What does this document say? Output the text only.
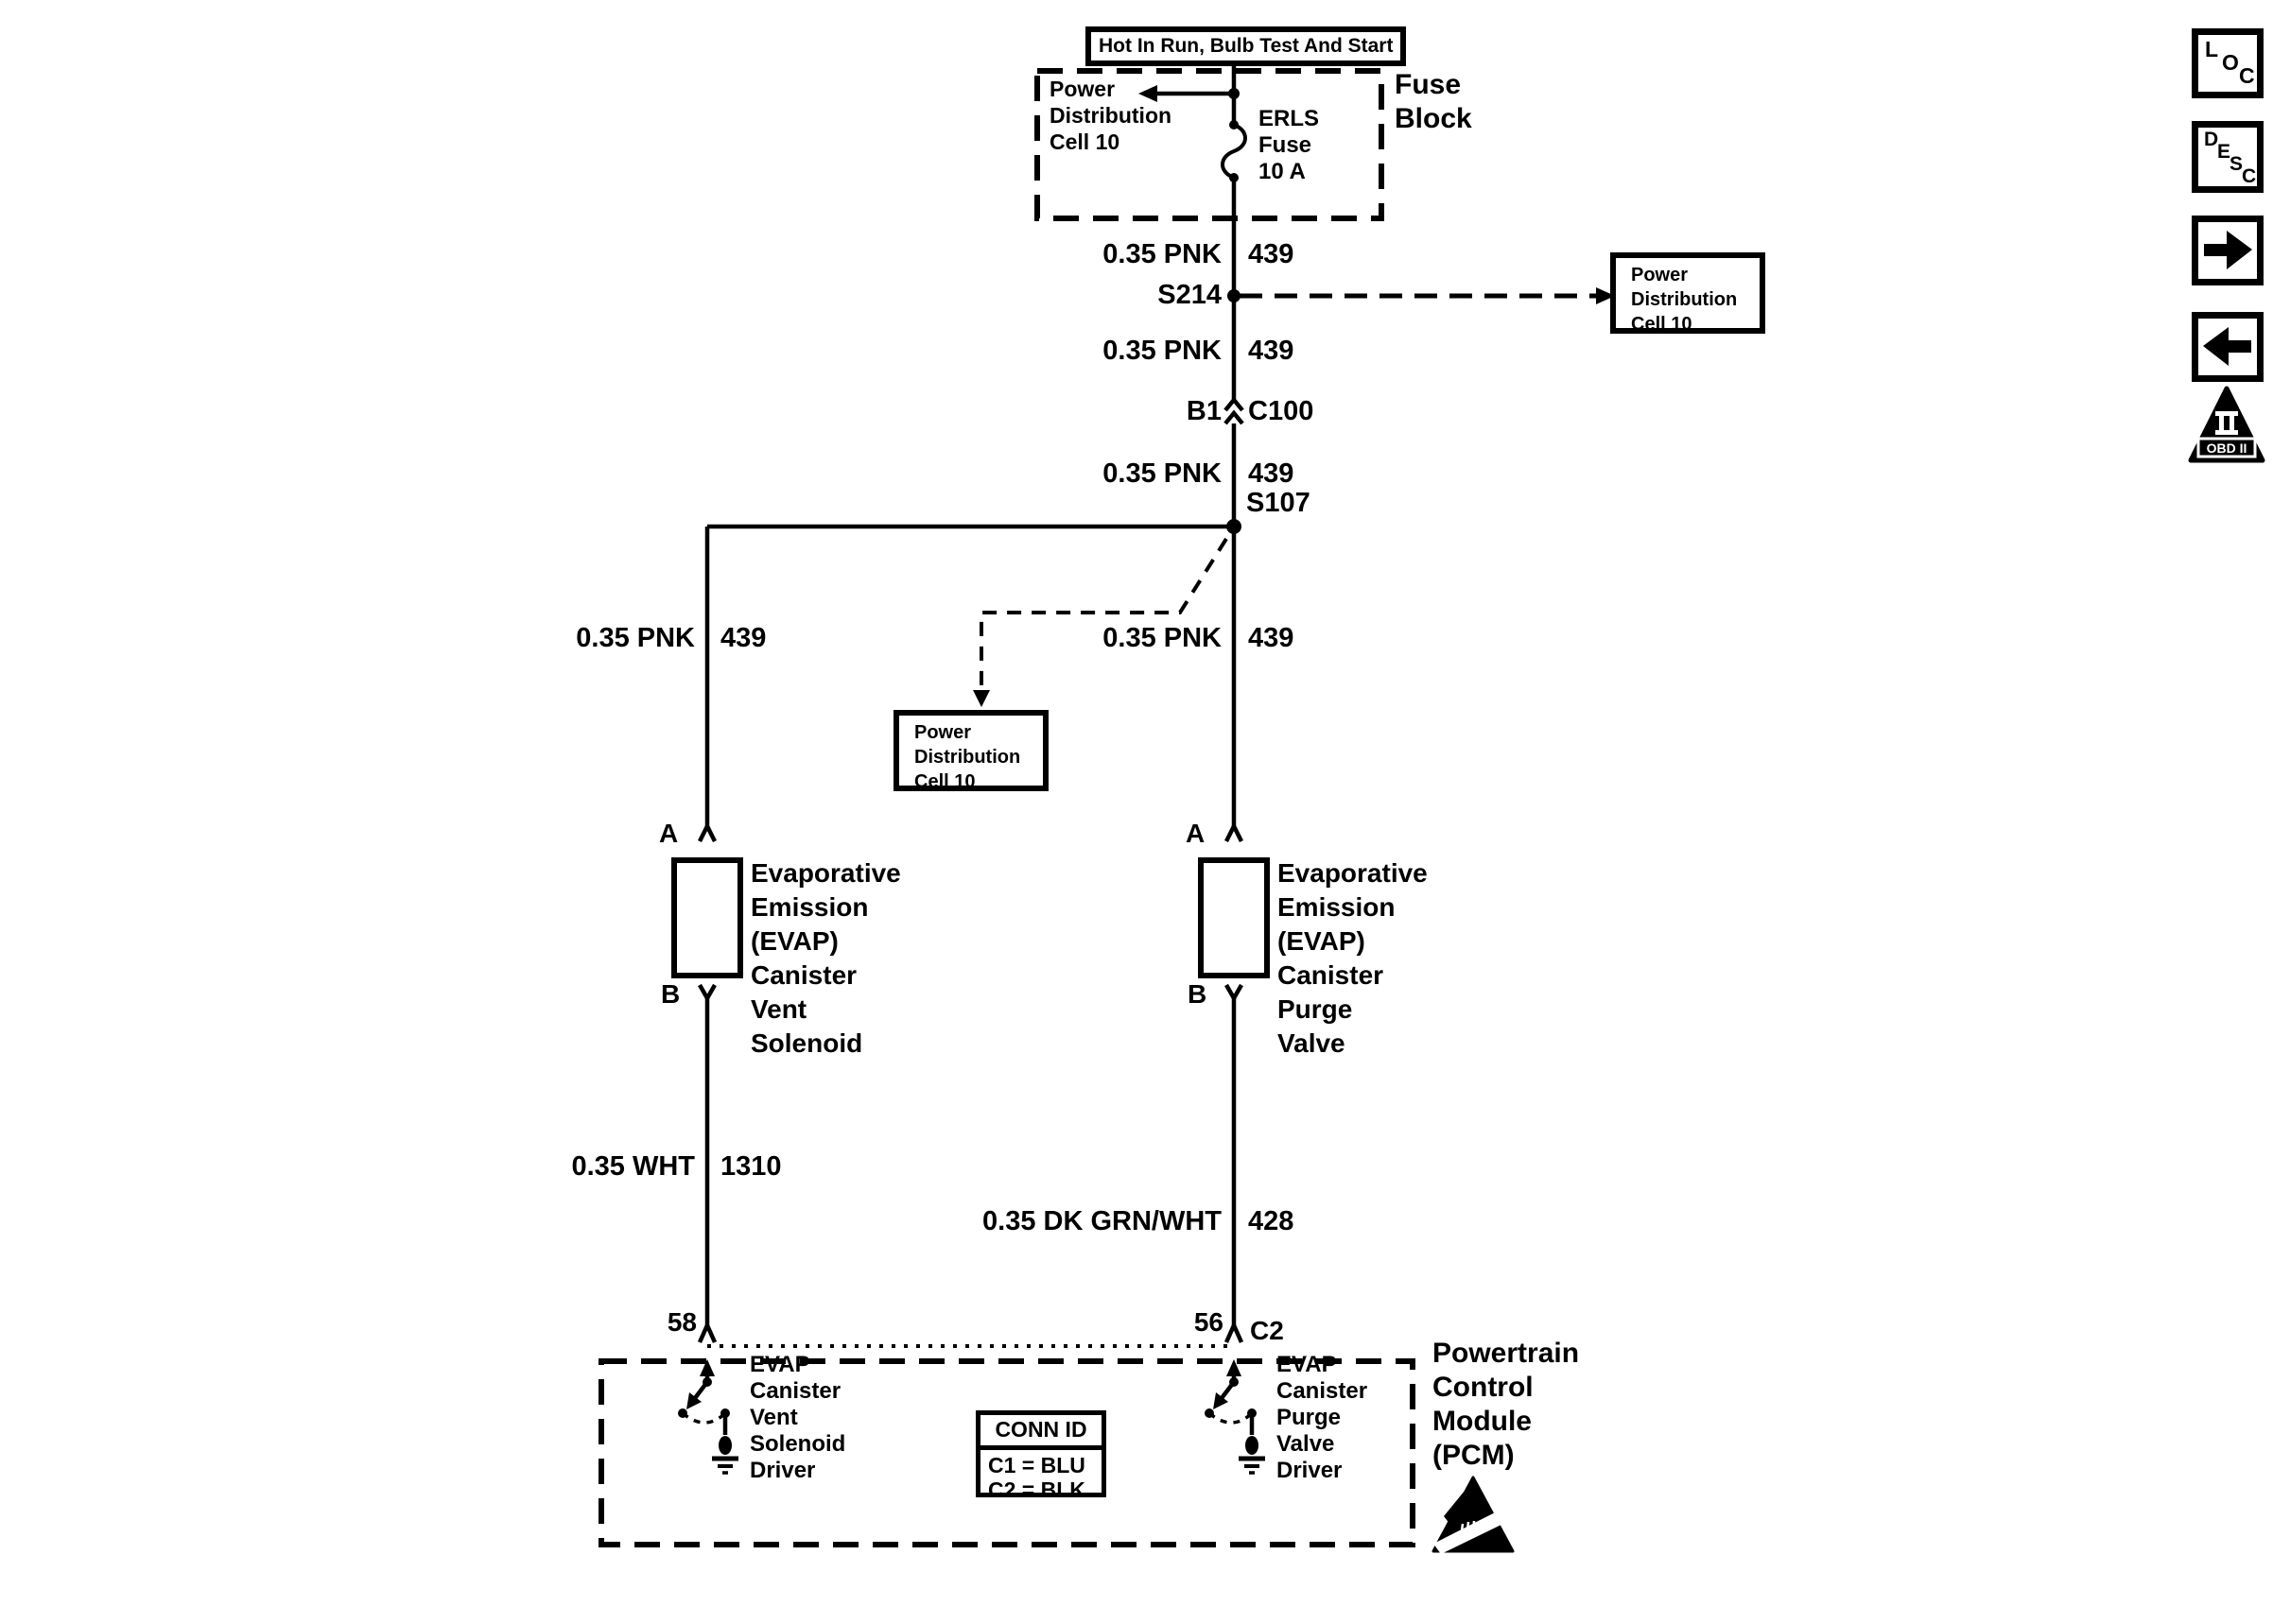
Hot In Run, Bulb Test And Start
Power
Distribution
Cell 10
ERLS
Fuse
10 A
Fuse
Block
0.35 PNK 439
S214
Power
Distribution
Cell 10
0.35 PNK 439
B1 C100
0.35 PNK 439
S107
0.35 PNK 439	0.35 PNK 439
Power
Distribution
Cell 10
A	A
B	B
Evaporative
Emission
(EVAP)
Canister
Vent
Solenoid
Evaporative
Emission
(EVAP)
Canister
Purge
Valve
0.35 WHT 1310
0.35 DK GRN/WHT 428
58	56 C2
EVAP
Canister
Vent
Solenoid
Driver
EVAP
Canister
Purge
Valve
Driver
CONN ID
C1 = BLU
C2 = BLK
Powertrain
Control
Module
(PCM)
L
O
C
D
E
S
C
OBD II
